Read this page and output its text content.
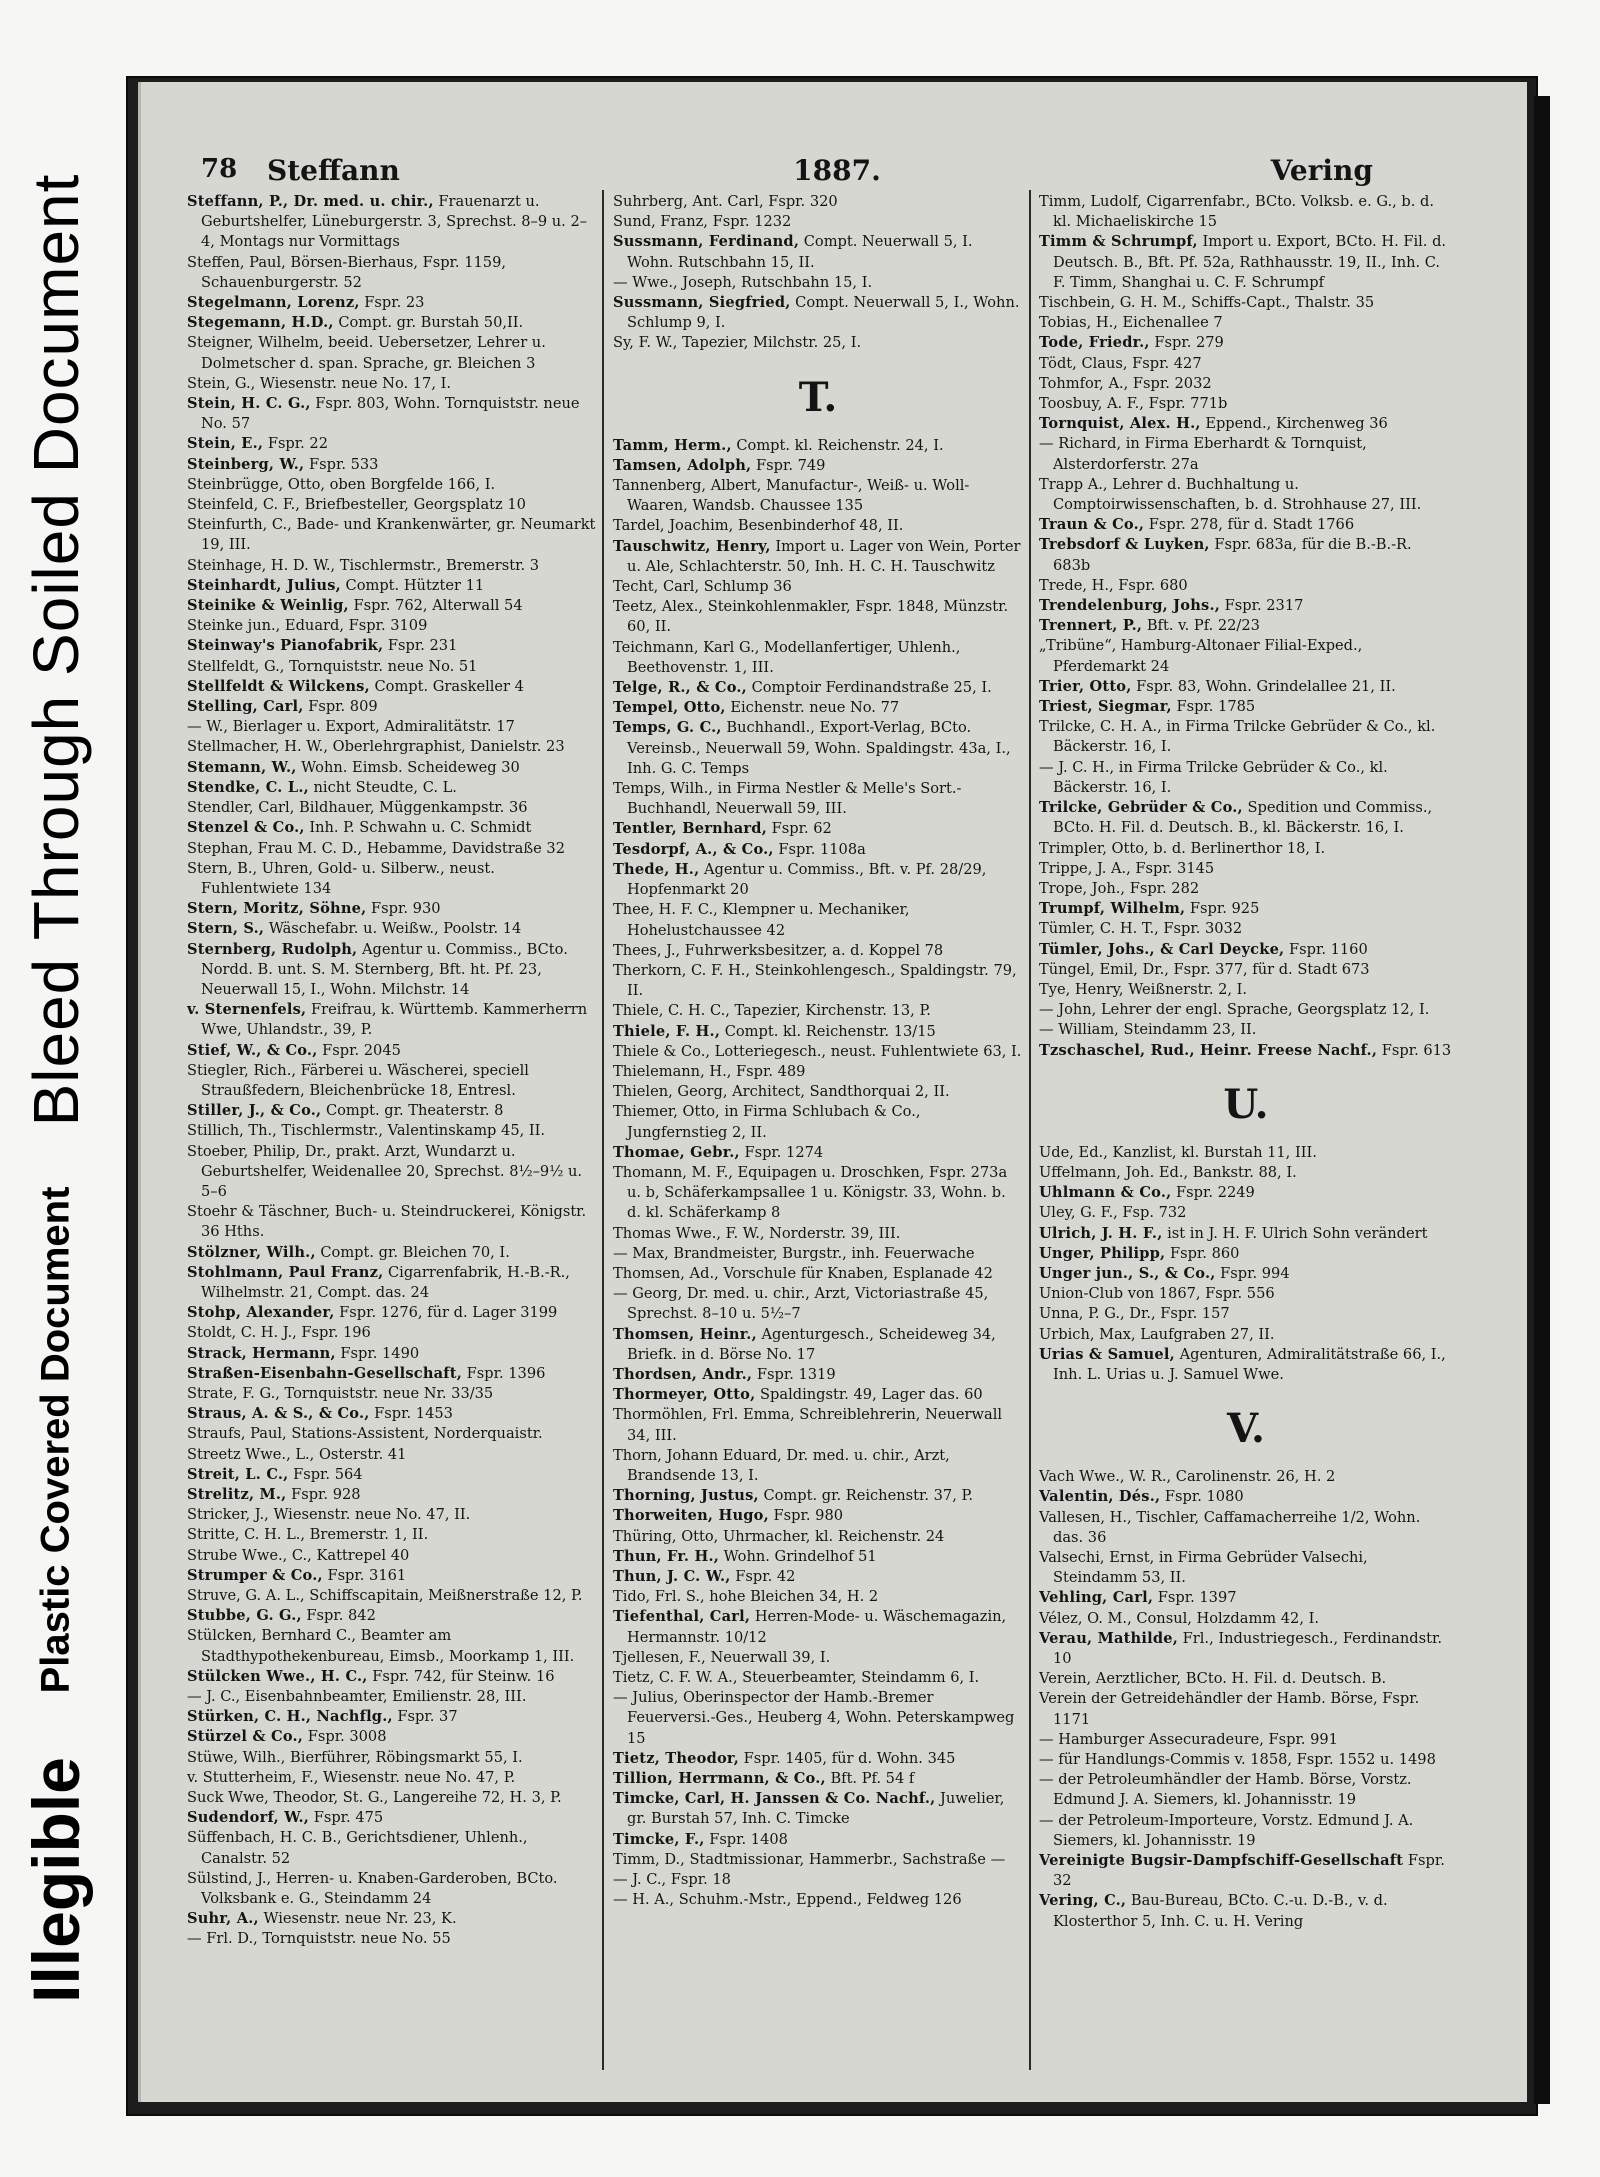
Illegible
Plastic Covered Document
Bleed Through Soiled Document
78 Steffann	1887.	Vering

Steffann, P., Dr. med. u. chir., Frauenarzt u. Geburtshelfer, Lüneburgerstr. 3, Sprechst. 8–9 u. 2–4, Montags nur Vormittags

Steffen, Paul, Börsen-Bierhaus, Fspr. 1159, Schauenburgerstr. 52

Stegelmann, Lorenz, Fspr. 23

Stegemann, H.D., Compt. gr. Burstah 50,II.

Steigner, Wilhelm, beeid. Uebersetzer, Lehrer u. Dolmetscher d. span. Sprache, gr. Bleichen 3

Stein, G., Wiesenstr. neue No. 17, I.

Stein, H. C. G., Fspr. 803, Wohn. Tornquiststr. neue No. 57

Stein, E., Fspr. 22

Steinberg, W., Fspr. 533

Steinbrügge, Otto, oben Borgfelde 166, I.

Steinfeld, C. F., Briefbesteller, Georgsplatz 10

Steinfurth, C., Bade- und Krankenwärter, gr. Neumarkt 19, III.

Steinhage, H. D. W., Tischlermstr., Bremerstr. 3

Steinhardt, Julius, Compt. Hützter 11

Steinike & Weinlig, Fspr. 762, Alterwall 54

Steinke jun., Eduard, Fspr. 3109

Steinway's Pianofabrik, Fspr. 231

Stellfeldt, G., Tornquiststr. neue No. 51

Stellfeldt & Wilckens, Compt. Graskeller 4

Stelling, Carl, Fspr. 809

— W., Bierlager u. Export, Admiralitätstr. 17

Stellmacher, H. W., Oberlehrgraphist, Danielstr. 23

Stemann, W., Wohn. Eimsb. Scheideweg 30

Stendke, C. L., nicht Steudte, C. L.

Stendler, Carl, Bildhauer, Müggenkampstr. 36

Stenzel & Co., Inh. P. Schwahn u. C. Schmidt

Stephan, Frau M. C. D., Hebamme, Davidstraße 32

Stern, B., Uhren, Gold- u. Silberw., neust. Fuhlentwiete 134

Stern, Moritz, Söhne, Fspr. 930

Stern, S., Wäschefabr. u. Weißw., Poolstr. 14

Sternberg, Rudolph, Agentur u. Commiss., BCto. Nordd. B. unt. S. M. Sternberg, Bft. ht. Pf. 23, Neuerwall 15, I., Wohn. Milchstr. 14

v. Sternenfels, Freifrau, k. Württemb. Kammerherrn Wwe, Uhlandstr., 39, P.

Stief, W., & Co., Fspr. 2045

Stiegler, Rich., Färberei u. Wäscherei, speciell Straußfedern, Bleichenbrücke 18, Entresl.

Stiller, J., & Co., Compt. gr. Theaterstr. 8

Stillich, Th., Tischlermstr., Valentinskamp 45, II.

Stoeber, Philip, Dr., prakt. Arzt, Wundarzt u. Geburtshelfer, Weidenallee 20, Sprechst. 8½–9½ u. 5–6

Stoehr & Täschner, Buch- u. Steindruckerei, Königstr. 36 Hths.

Stölzner, Wilh., Compt. gr. Bleichen 70, I.

Stohlmann, Paul Franz, Cigarrenfabrik, H.-B.-R., Wilhelmstr. 21, Compt. das. 24

Stohp, Alexander, Fspr. 1276, für d. Lager 3199

Stoldt, C. H. J., Fspr. 196

Strack, Hermann, Fspr. 1490

Straßen-Eisenbahn-Gesellschaft, Fspr. 1396

Strate, F. G., Tornquiststr. neue Nr. 33/35

Straus, A. & S., & Co., Fspr. 1453

Straufs, Paul, Stations-Assistent, Norderquaistr.

Streetz Wwe., L., Osterstr. 41

Streit, L. C., Fspr. 564

Strelitz, M., Fspr. 928

Stricker, J., Wiesenstr. neue No. 47, II.

Stritte, C. H. L., Bremerstr. 1, II.

Strube Wwe., C., Kattrepel 40

Strumper & Co., Fspr. 3161

Struve, G. A. L., Schiffscapitain, Meißnerstraße 12, P.

Stubbe, G. G., Fspr. 842

Stülcken, Bernhard C., Beamter am Stadthypothekenbureau, Eimsb., Moorkamp 1, III.

Stülcken Wwe., H. C., Fspr. 742, für Steinw. 16

— J. C., Eisenbahnbeamter, Emilienstr. 28, III.

Stürken, C. H., Nachflg., Fspr. 37

Stürzel & Co., Fspr. 3008

Stüwe, Wilh., Bierführer, Röbingsmarkt 55, I.

v. Stutterheim, F., Wiesenstr. neue No. 47, P.

Suck Wwe, Theodor, St. G., Langereihe 72, H. 3, P.

Sudendorf, W., Fspr. 475

Süffenbach, H. C. B., Gerichtsdiener, Uhlenh., Canalstr. 52

Sülstind, J., Herren- u. Knaben-Garderoben, BCto. Volksbank e. G., Steindamm 24

Suhr, A., Wiesenstr. neue Nr. 23, K.

— Frl. D., Tornquiststr. neue No. 55

Suhrberg, Ant. Carl, Fspr. 320

Sund, Franz, Fspr. 1232

Sussmann, Ferdinand, Compt. Neuerwall 5, I. Wohn. Rutschbahn 15, II.

— Wwe., Joseph, Rutschbahn 15, I.

Sussmann, Siegfried, Compt. Neuerwall 5, I., Wohn. Schlump 9, I.

Sy, F. W., Tapezier, Milchstr. 25, I.

T.

Tamm, Herm., Compt. kl. Reichenstr. 24, I.

Tamsen, Adolph, Fspr. 749

Tannenberg, Albert, Manufactur-, Weiß- u. Woll-Waaren, Wandsb. Chaussee 135

Tardel, Joachim, Besenbinderhof 48, II.

Tauschwitz, Henry, Import u. Lager von Wein, Porter u. Ale, Schlachterstr. 50, Inh. H. C. H. Tauschwitz

Techt, Carl, Schlump 36

Teetz, Alex., Steinkohlenmakler, Fspr. 1848, Münzstr. 60, II.

Teichmann, Karl G., Modellanfertiger, Uhlenh., Beethovenstr. 1, III.

Telge, R., & Co., Comptoir Ferdinandstraße 25, I.

Tempel, Otto, Eichenstr. neue No. 77

Temps, G. C., Buchhandl., Export-Verlag, BCto. Vereinsb., Neuerwall 59, Wohn. Spaldingstr. 43a, I., Inh. G. C. Temps

Temps, Wilh., in Firma Nestler & Melle's Sort.-Buchhandl, Neuerwall 59, III.

Tentler, Bernhard, Fspr. 62

Tesdorpf, A., & Co., Fspr. 1108a

Thede, H., Agentur u. Commiss., Bft. v. Pf. 28/29, Hopfenmarkt 20

Thee, H. F. C., Klempner u. Mechaniker, Hohelustchaussee 42

Thees, J., Fuhrwerksbesitzer, a. d. Koppel 78

Therkorn, C. F. H., Steinkohlengesch., Spaldingstr. 79, II.

Thiele, C. H. C., Tapezier, Kirchenstr. 13, P.

Thiele, F. H., Compt. kl. Reichenstr. 13/15

Thiele & Co., Lotteriegesch., neust. Fuhlentwiete 63, I.

Thielemann, H., Fspr. 489

Thielen, Georg, Architect, Sandthorquai 2, II.

Thiemer, Otto, in Firma Schlubach & Co., Jungfernstieg 2, II.

Thomae, Gebr., Fspr. 1274

Thomann, M. F., Equipagen u. Droschken, Fspr. 273a u. b, Schäferkampsallee 1 u. Königstr. 33, Wohn. b. d. kl. Schäferkamp 8

Thomas Wwe., F. W., Norderstr. 39, III.

— Max, Brandmeister, Burgstr., inh. Feuerwache

Thomsen, Ad., Vorschule für Knaben, Esplanade 42

— Georg, Dr. med. u. chir., Arzt, Victoriastraße 45, Sprechst. 8–10 u. 5½–7

Thomsen, Heinr., Agenturgesch., Scheideweg 34, Briefk. in d. Börse No. 17

Thordsen, Andr., Fspr. 1319

Thormeyer, Otto, Spaldingstr. 49, Lager das. 60

Thormöhlen, Frl. Emma, Schreiblehrerin, Neuerwall 34, III.

Thorn, Johann Eduard, Dr. med. u. chir., Arzt, Brandsende 13, I.

Thorning, Justus, Compt. gr. Reichenstr. 37, P.

Thorweiten, Hugo, Fspr. 980

Thüring, Otto, Uhrmacher, kl. Reichenstr. 24

Thun, Fr. H., Wohn. Grindelhof 51

Thun, J. C. W., Fspr. 42

Tido, Frl. S., hohe Bleichen 34, H. 2

Tiefenthal, Carl, Herren-Mode- u. Wäschemagazin, Hermannstr. 10/12

Tjellesen, F., Neuerwall 39, I.

Tietz, C. F. W. A., Steuerbeamter, Steindamm 6, I.

— Julius, Oberinspector der Hamb.-Bremer Feuerversi.-Ges., Heuberg 4, Wohn. Peterskampweg 15

Tietz, Theodor, Fspr. 1405, für d. Wohn. 345

Tillion, Herrmann, & Co., Bft. Pf. 54 f

Timcke, Carl, H. Janssen & Co. Nachf., Juwelier, gr. Burstah 57, Inh. C. Timcke

Timcke, F., Fspr. 1408

Timm, D., Stadtmissionar, Hammerbr., Sachstraße —

— J. C., Fspr. 18

— H. A., Schuhm.-Mstr., Eppend., Feldweg 126

Timm, Ludolf, Cigarrenfabr., BCto. Volksb. e. G., b. d. kl. Michaeliskirche 15

Timm & Schrumpf, Import u. Export, BCto. H. Fil. d. Deutsch. B., Bft. Pf. 52a, Rathhausstr. 19, II., Inh. C. F. Timm, Shanghai u. C. F. Schrumpf

Tischbein, G. H. M., Schiffs-Capt., Thalstr. 35

Tobias, H., Eichenallee 7

Tode, Friedr., Fspr. 279

Tödt, Claus, Fspr. 427

Tohmfor, A., Fspr. 2032

Toosbuy, A. F., Fspr. 771b

Tornquist, Alex. H., Eppend., Kirchenweg 36

— Richard, in Firma Eberhardt & Tornquist, Alsterdorferstr. 27a

Trapp A., Lehrer d. Buchhaltung u. Comptoirwissenschaften, b. d. Strohhause 27, III.

Traun & Co., Fspr. 278, für d. Stadt 1766

Trebsdorf & Luyken, Fspr. 683a, für die B.-B.-R. 683b

Trede, H., Fspr. 680

Trendelenburg, Johs., Fspr. 2317

Trennert, P., Bft. v. Pf. 22/23

„Tribüne“, Hamburg-Altonaer Filial-Exped., Pferdemarkt 24

Trier, Otto, Fspr. 83, Wohn. Grindelallee 21, II.

Triest, Siegmar, Fspr. 1785

Trilcke, C. H. A., in Firma Trilcke Gebrüder & Co., kl. Bäckerstr. 16, I.

— J. C. H., in Firma Trilcke Gebrüder & Co., kl. Bäckerstr. 16, I.

Trilcke, Gebrüder & Co., Spedition und Commiss., BCto. H. Fil. d. Deutsch. B., kl. Bäckerstr. 16, I.

Trimpler, Otto, b. d. Berlinerthor 18, I.

Trippe, J. A., Fspr. 3145

Trope, Joh., Fspr. 282

Trumpf, Wilhelm, Fspr. 925

Tümler, C. H. T., Fspr. 3032

Tümler, Johs., & Carl Deycke, Fspr. 1160

Tüngel, Emil, Dr., Fspr. 377, für d. Stadt 673

Tye, Henry, Weißnerstr. 2, I.

— John, Lehrer der engl. Sprache, Georgsplatz 12, I.

— William, Steindamm 23, II.

Tzschaschel, Rud., Heinr. Freese Nachf., Fspr. 613

U.

Ude, Ed., Kanzlist, kl. Burstah 11, III.

Uffelmann, Joh. Ed., Bankstr. 88, I.

Uhlmann & Co., Fspr. 2249

Uley, G. F., Fsp. 732

Ulrich, J. H. F., ist in J. H. F. Ulrich Sohn verändert

Unger, Philipp, Fspr. 860

Unger jun., S., & Co., Fspr. 994

Union-Club von 1867, Fspr. 556

Unna, P. G., Dr., Fspr. 157

Urbich, Max, Laufgraben 27, II.

Urias & Samuel, Agenturen, Admiralitätstraße 66, I., Inh. L. Urias u. J. Samuel Wwe.

V.

Vach Wwe., W. R., Carolinenstr. 26, H. 2

Valentin, Dés., Fspr. 1080

Vallesen, H., Tischler, Caffamacherreihe 1/2, Wohn. das. 36

Valsechi, Ernst, in Firma Gebrüder Valsechi, Steindamm 53, II.

Vehling, Carl, Fspr. 1397

Vélez, O. M., Consul, Holzdamm 42, I.

Verau, Mathilde, Frl., Industriegesch., Ferdinandstr. 10

Verein, Aerztlicher, BCto. H. Fil. d. Deutsch. B.

Verein der Getreidehändler der Hamb. Börse, Fspr. 1171

— Hamburger Assecuradeure, Fspr. 991

— für Handlungs-Commis v. 1858, Fspr. 1552 u. 1498

— der Petroleumhändler der Hamb. Börse, Vorstz. Edmund J. A. Siemers, kl. Johannisstr. 19

— der Petroleum-Importeure, Vorstz. Edmund J. A. Siemers, kl. Johannisstr. 19

Vereinigte Bugsir-Dampfschiff-Gesellschaft Fspr. 32

Vering, C., Bau-Bureau, BCto. C.-u. D.-B., v. d. Klosterthor 5, Inh. C. u. H. Vering
